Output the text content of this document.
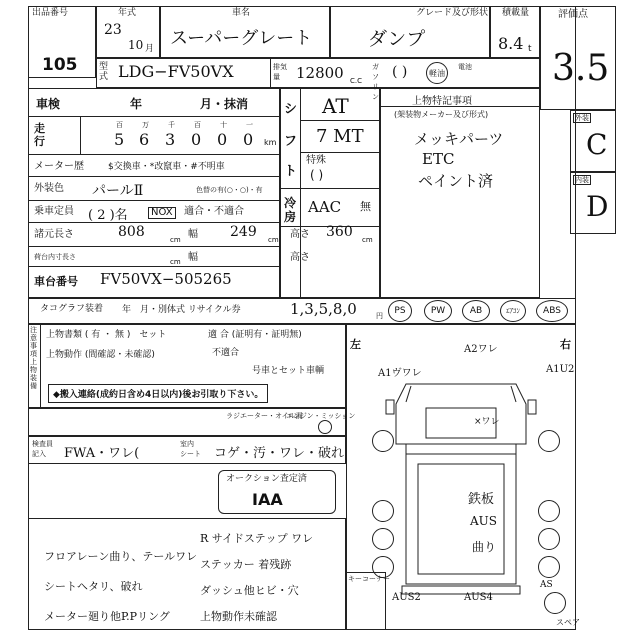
出品番号
105
年式
23
10 月
車名
スーパーグレート
グレード及び形状
ダンプ
積載量
8.4 t
評価点
3.5
型式 LDG−FV50VX	排気量	12800 C.C
ガソリン
( )	軽油
電池
車検	年	月・抹消
走行	5 6 3 0 0 0
百	万	千	百	十	一
km
メーター歴	$交換車・*改竄車・#不明車
外装色 パールⅡ	色替の有(○・○)・有
乗車定員 ( 2 )名	NOX	適合・不適合
諸元長さ	808	cm 幅 249 cm
荷台内寸長さ
cm 幅
車台番号 FV50VX−505265
シ
フ
ト
AT
7 MT
特殊
( )
冷
房
AAC 無
高さ 360 cm
高さ
上物特記事項
(架装物メーカー及び形式)
メッキパーツ
ETC
ペイント済
外装
C
内装
D
タコグラフ装着 年　月・別体式 リサイクル券	1,3,5,8,0	円	PS	PW	AB	ｴｱｺﾝ	ABS
注意事項 上物装備
上物書類 ( 有 ・ 無 )　セット	適 合 (証明有・証明無)
不適合
上物動作 (間確認・未確認)
号車とセット車輌
◆搬入連絡(成約日含め4日以内)後お引取り下さい。
ラジエーター・オイル漏
エンジン・ミッション
検査員
記入 FWA・ワレ(
室内
シート コゲ・汚・ワレ・破れ
オークション査定済
IAA
フロアレーン曲り、テールワレ
シートヘタリ、破れ
メーター廻り他P.Pリング
R サイドステップ ワレ
ステッカー 着残跡
ダッシュ他ヒビ・穴
上物動作未確認
左	右
A1ヴワレ
A2ワレ
A1U2
×ワレ
鉄板
AUS
曲り
AUS2	AUS4
AS
スペア
キーコーナー
